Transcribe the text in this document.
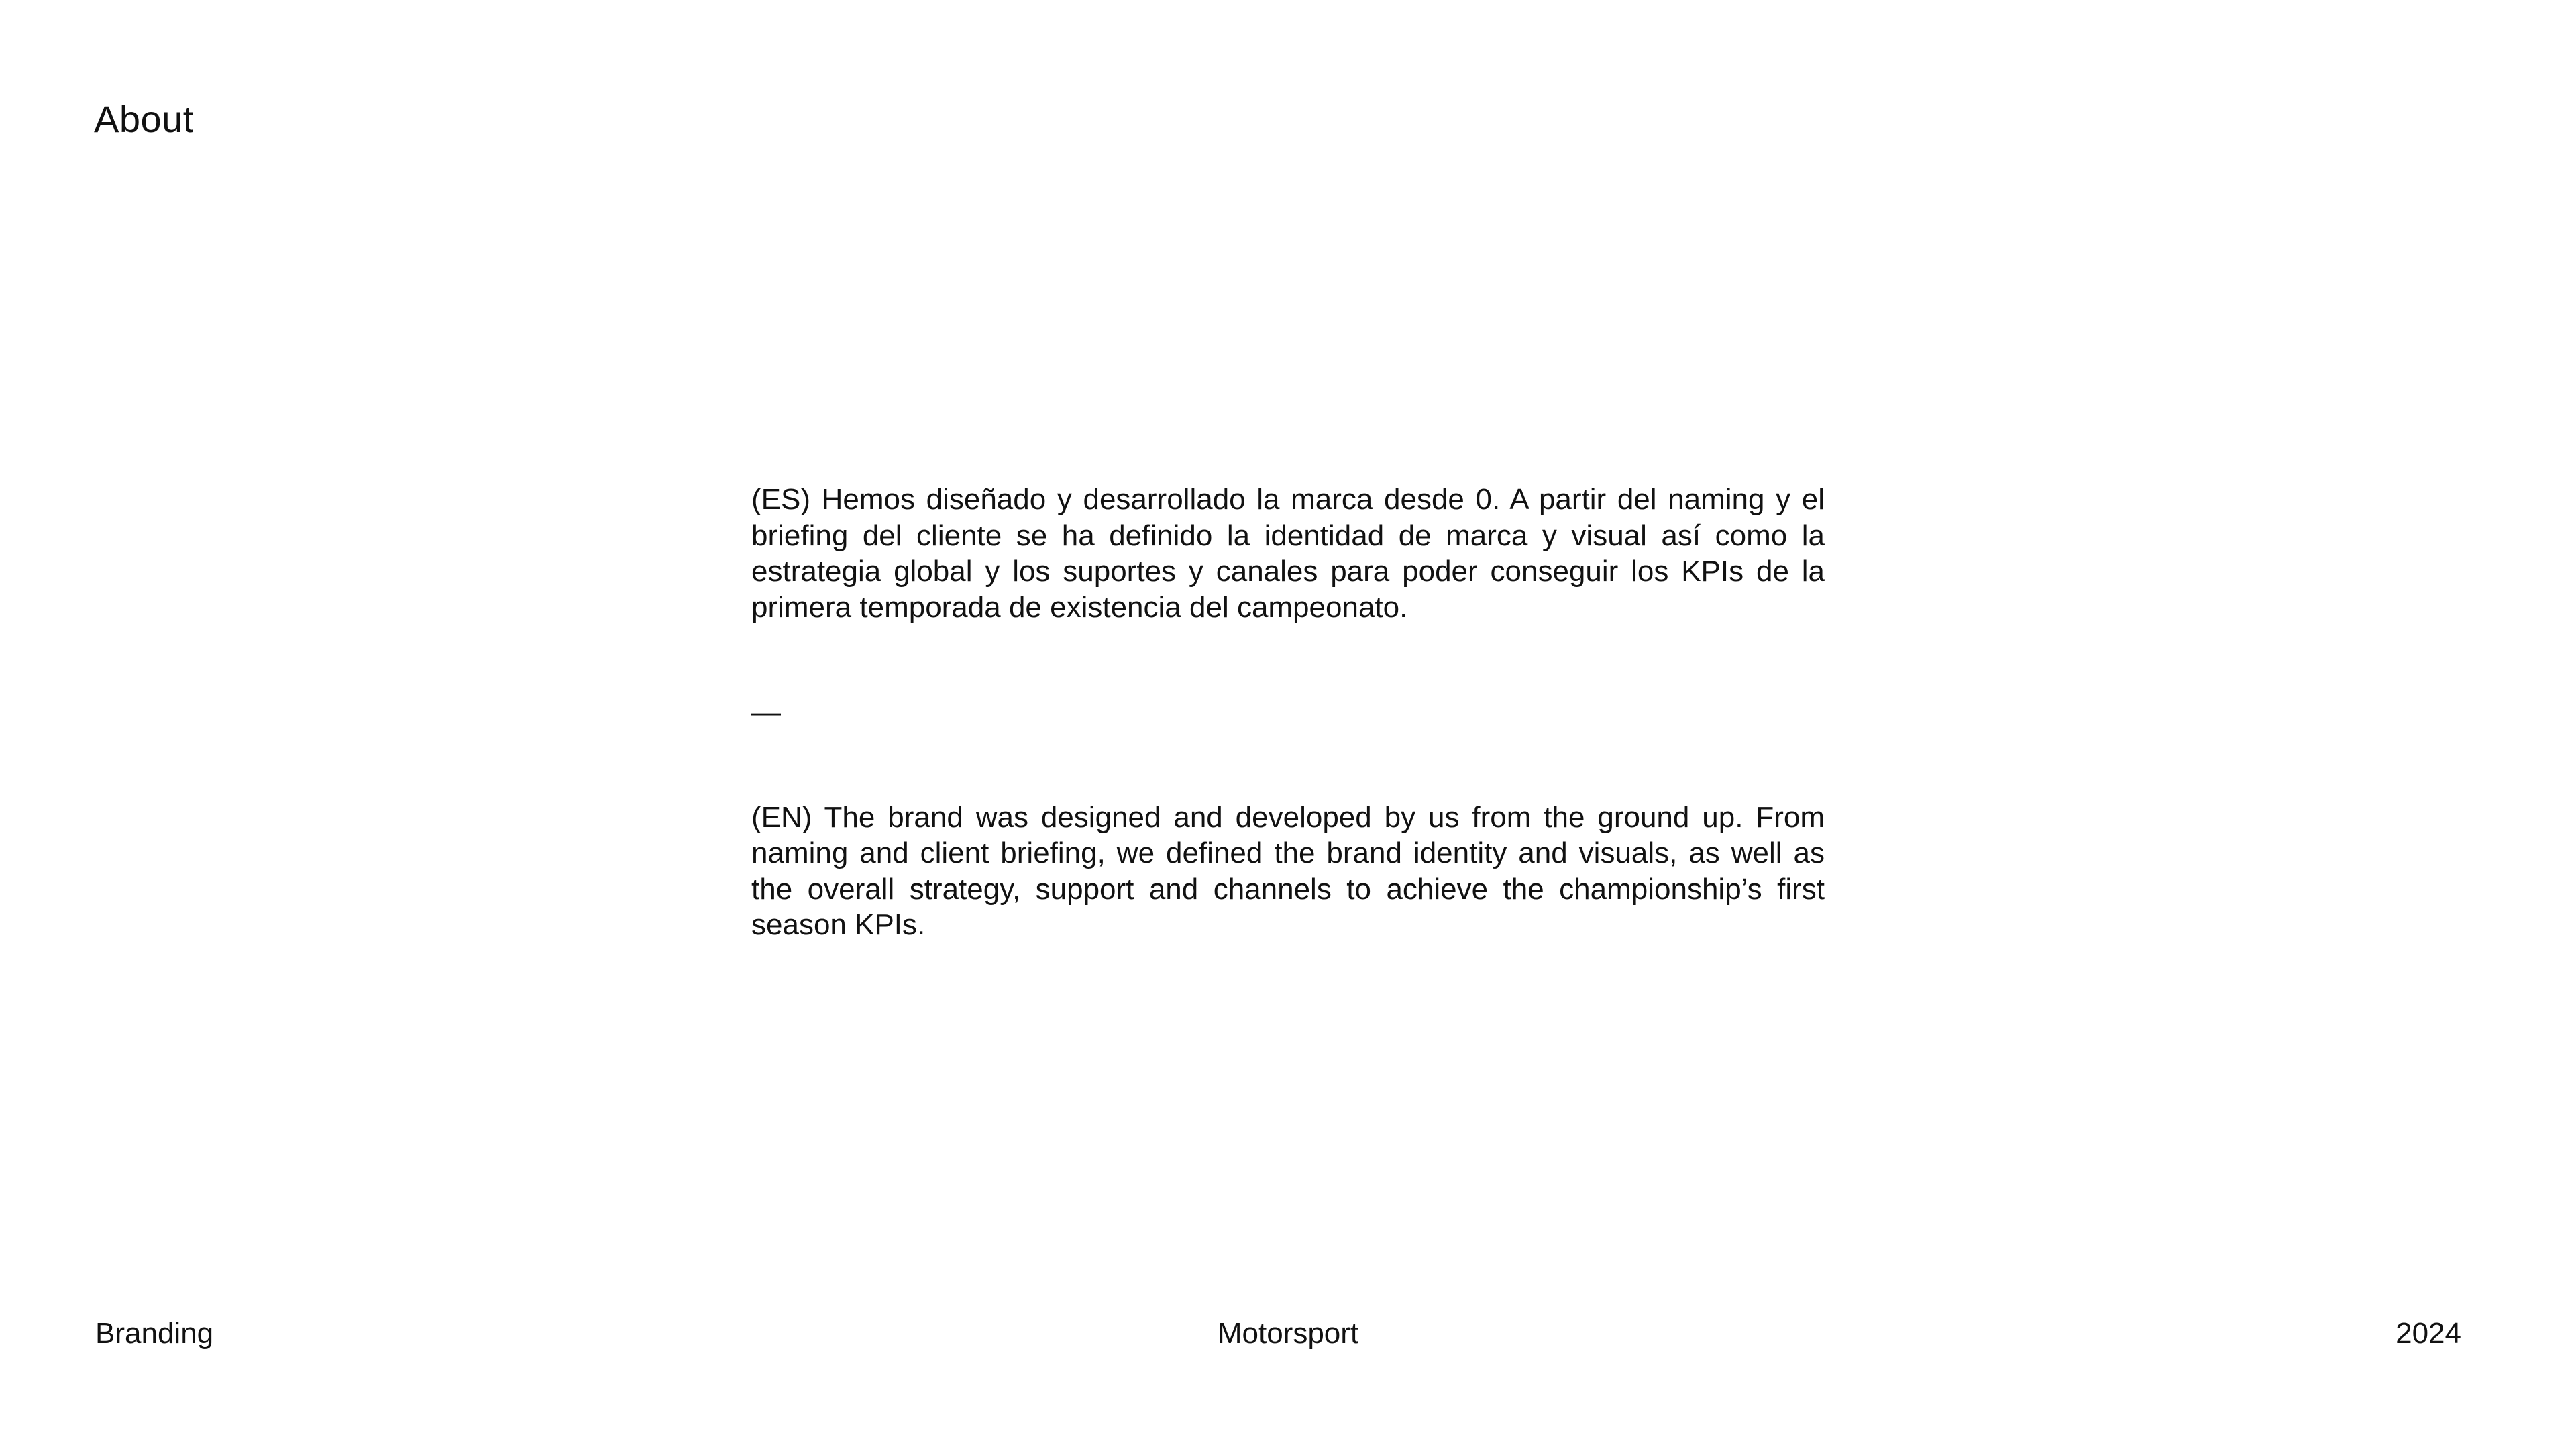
About

(ES) Hemos diseñado y desarrollado la marca desde 0. A partir del naming y el briefing del cliente se ha definido la identidad de marca y visual así como la estrategia global y los suportes y canales para poder conseguir los KPIs de la primera temporada de existencia del campeonato.

—

(EN) The brand was designed and developed by us from the ground up. From naming and client briefing, we defined the brand identity and visuals, as well as the overall strategy, support and channels to achieve the championship’s first season KPIs.

Branding	Motorsport	2024
